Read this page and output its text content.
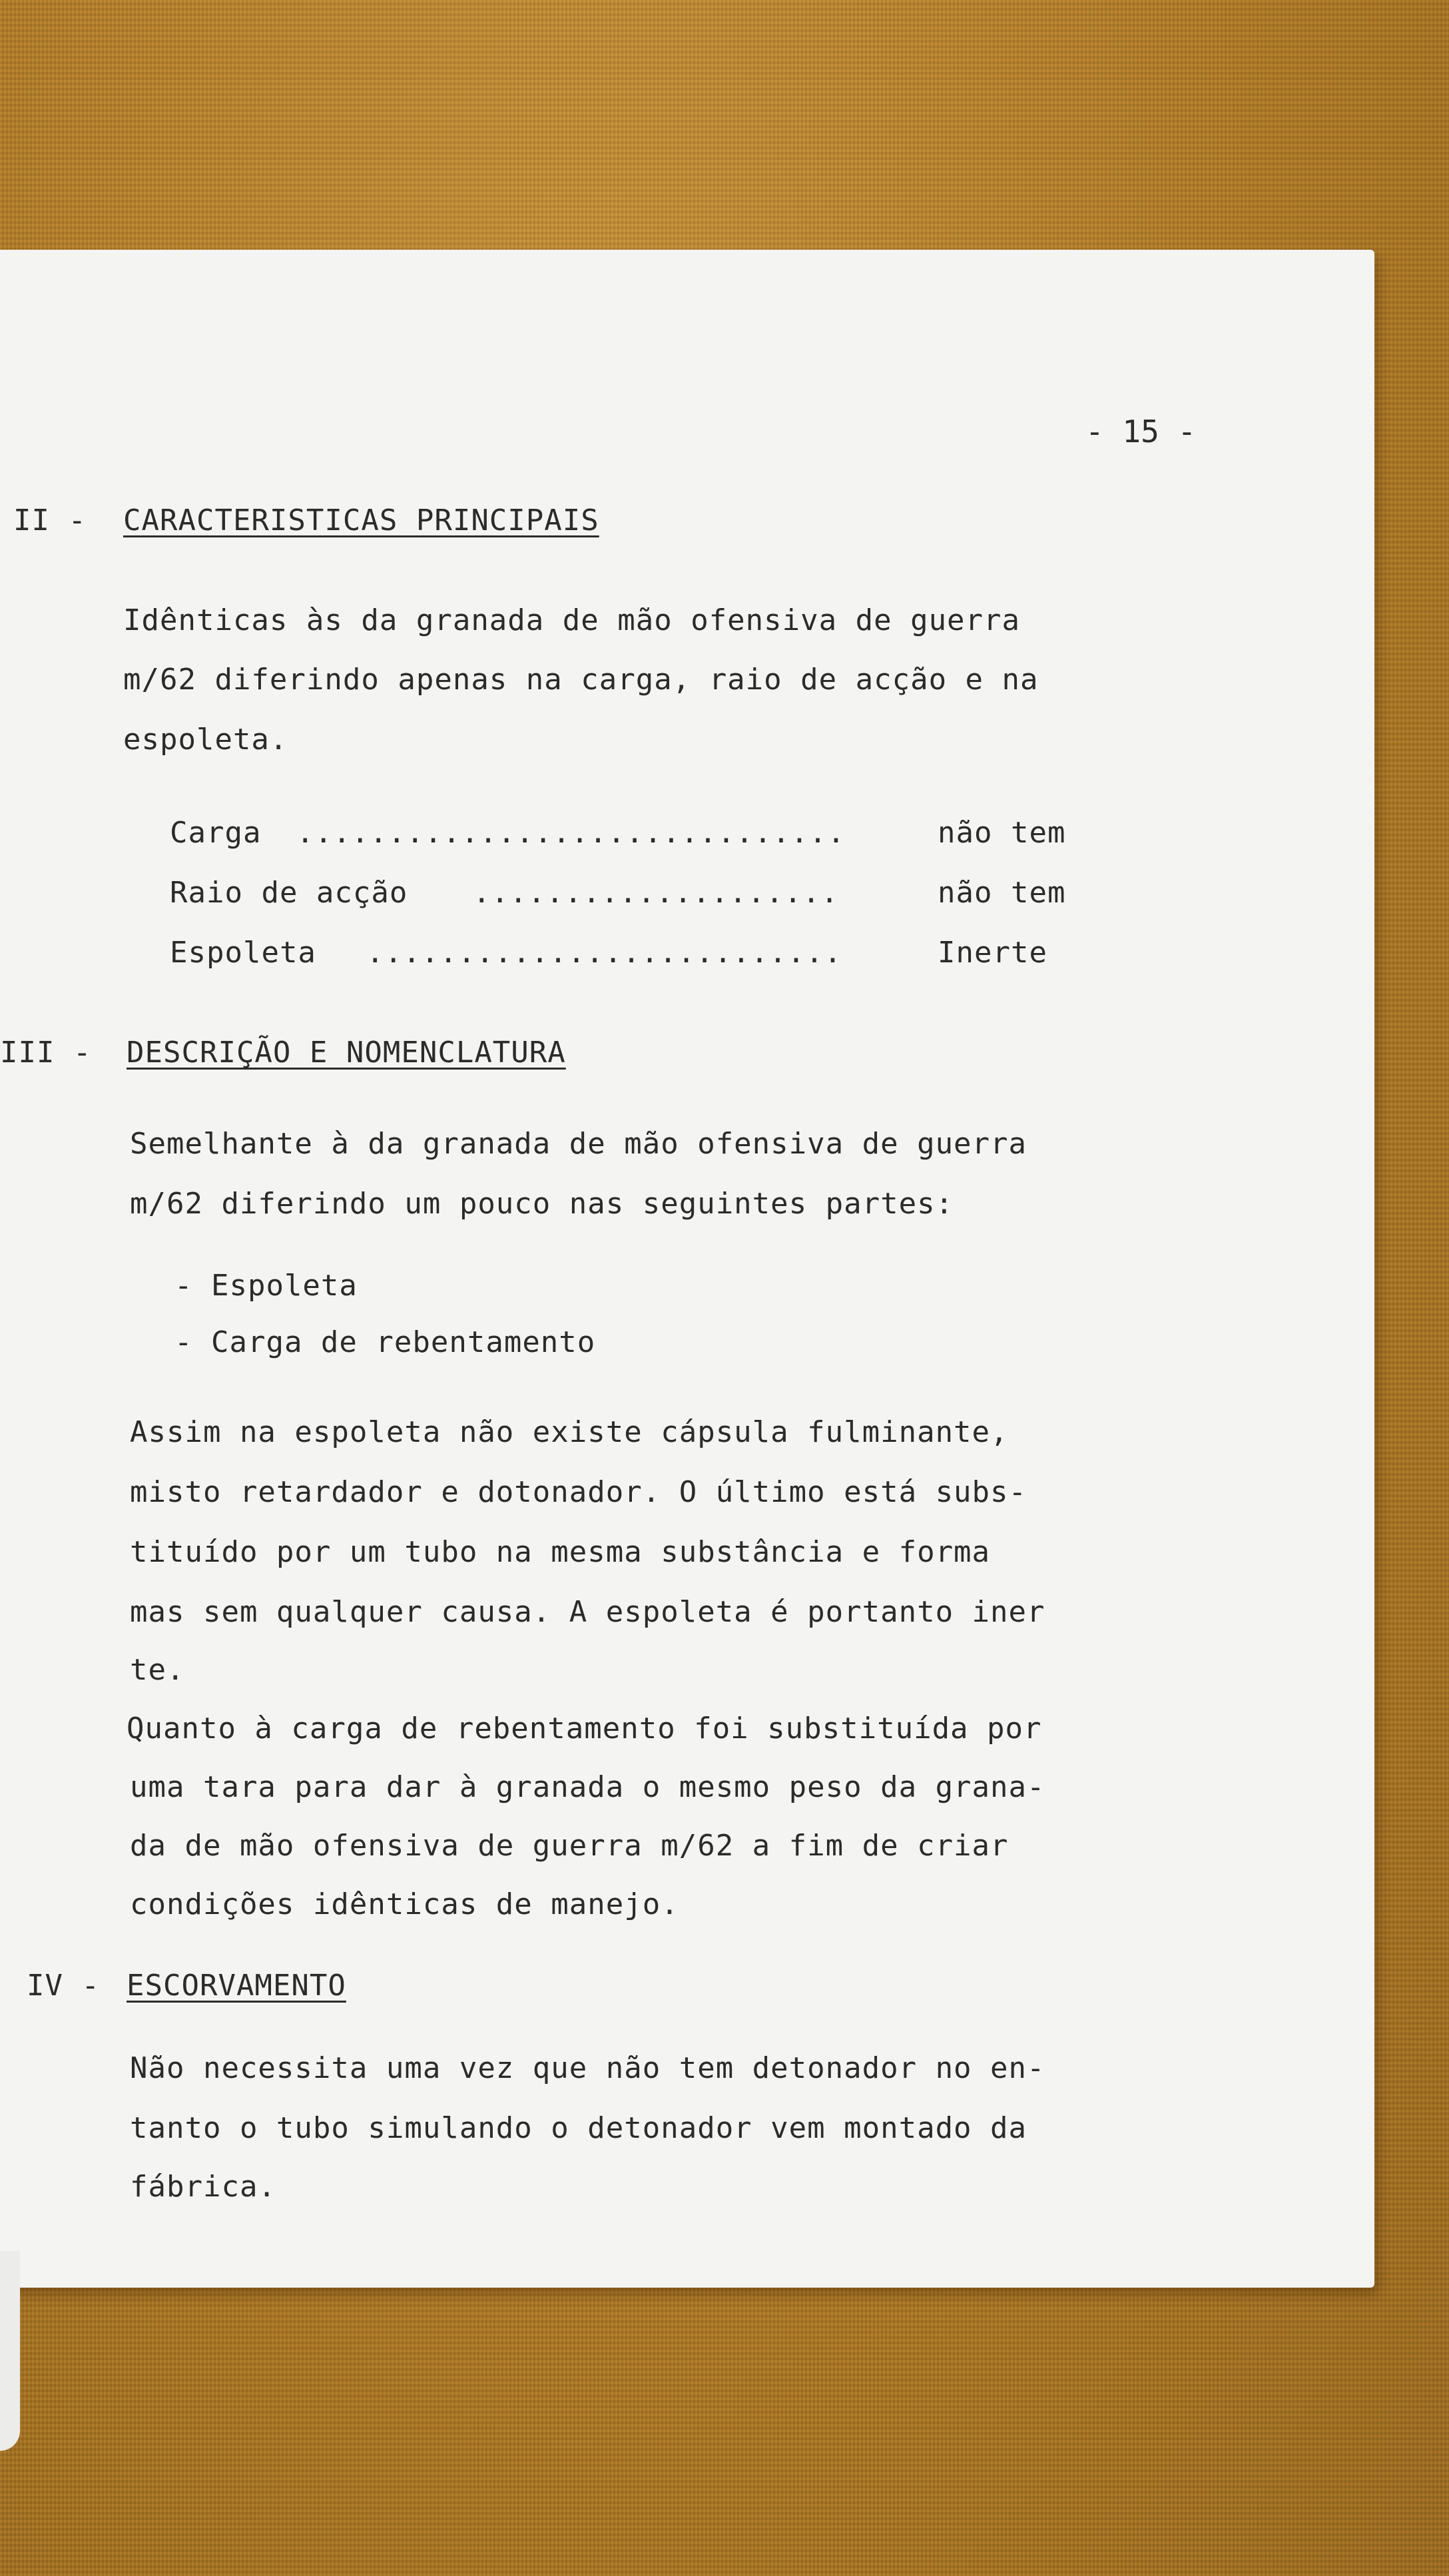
- 15 -

II - CARACTERISTICAS PRINCIPAIS

Idênticas às da granada de mão ofensiva de guerra

m/62 diferindo apenas na carga, raio de acção e na

espoleta.

Carga ..............................	não tem

Raio de acção ....................	não tem

Espoleta ..........................	Inerte

III - DESCRIÇÃO E NOMENCLATURA

Semelhante à da granada de mão ofensiva de guerra

m/62 diferindo um pouco nas seguintes partes:

- Espoleta

- Carga de rebentamento

Assim na espoleta não existe cápsula fulminante,

misto retardador e dotonador. O último está subs-

tituído por um tubo na mesma substância e forma

mas sem qualquer causa. A espoleta é portanto iner

te.

Quanto à carga de rebentamento foi substituída por

uma tara para dar à granada o mesmo peso da grana-

da de mão ofensiva de guerra m/62 a fim de criar

condições idênticas de manejo.

IV - ESCORVAMENTO

Não necessita uma vez que não tem detonador no en-

tanto o tubo simulando o detonador vem montado da

fábrica.
